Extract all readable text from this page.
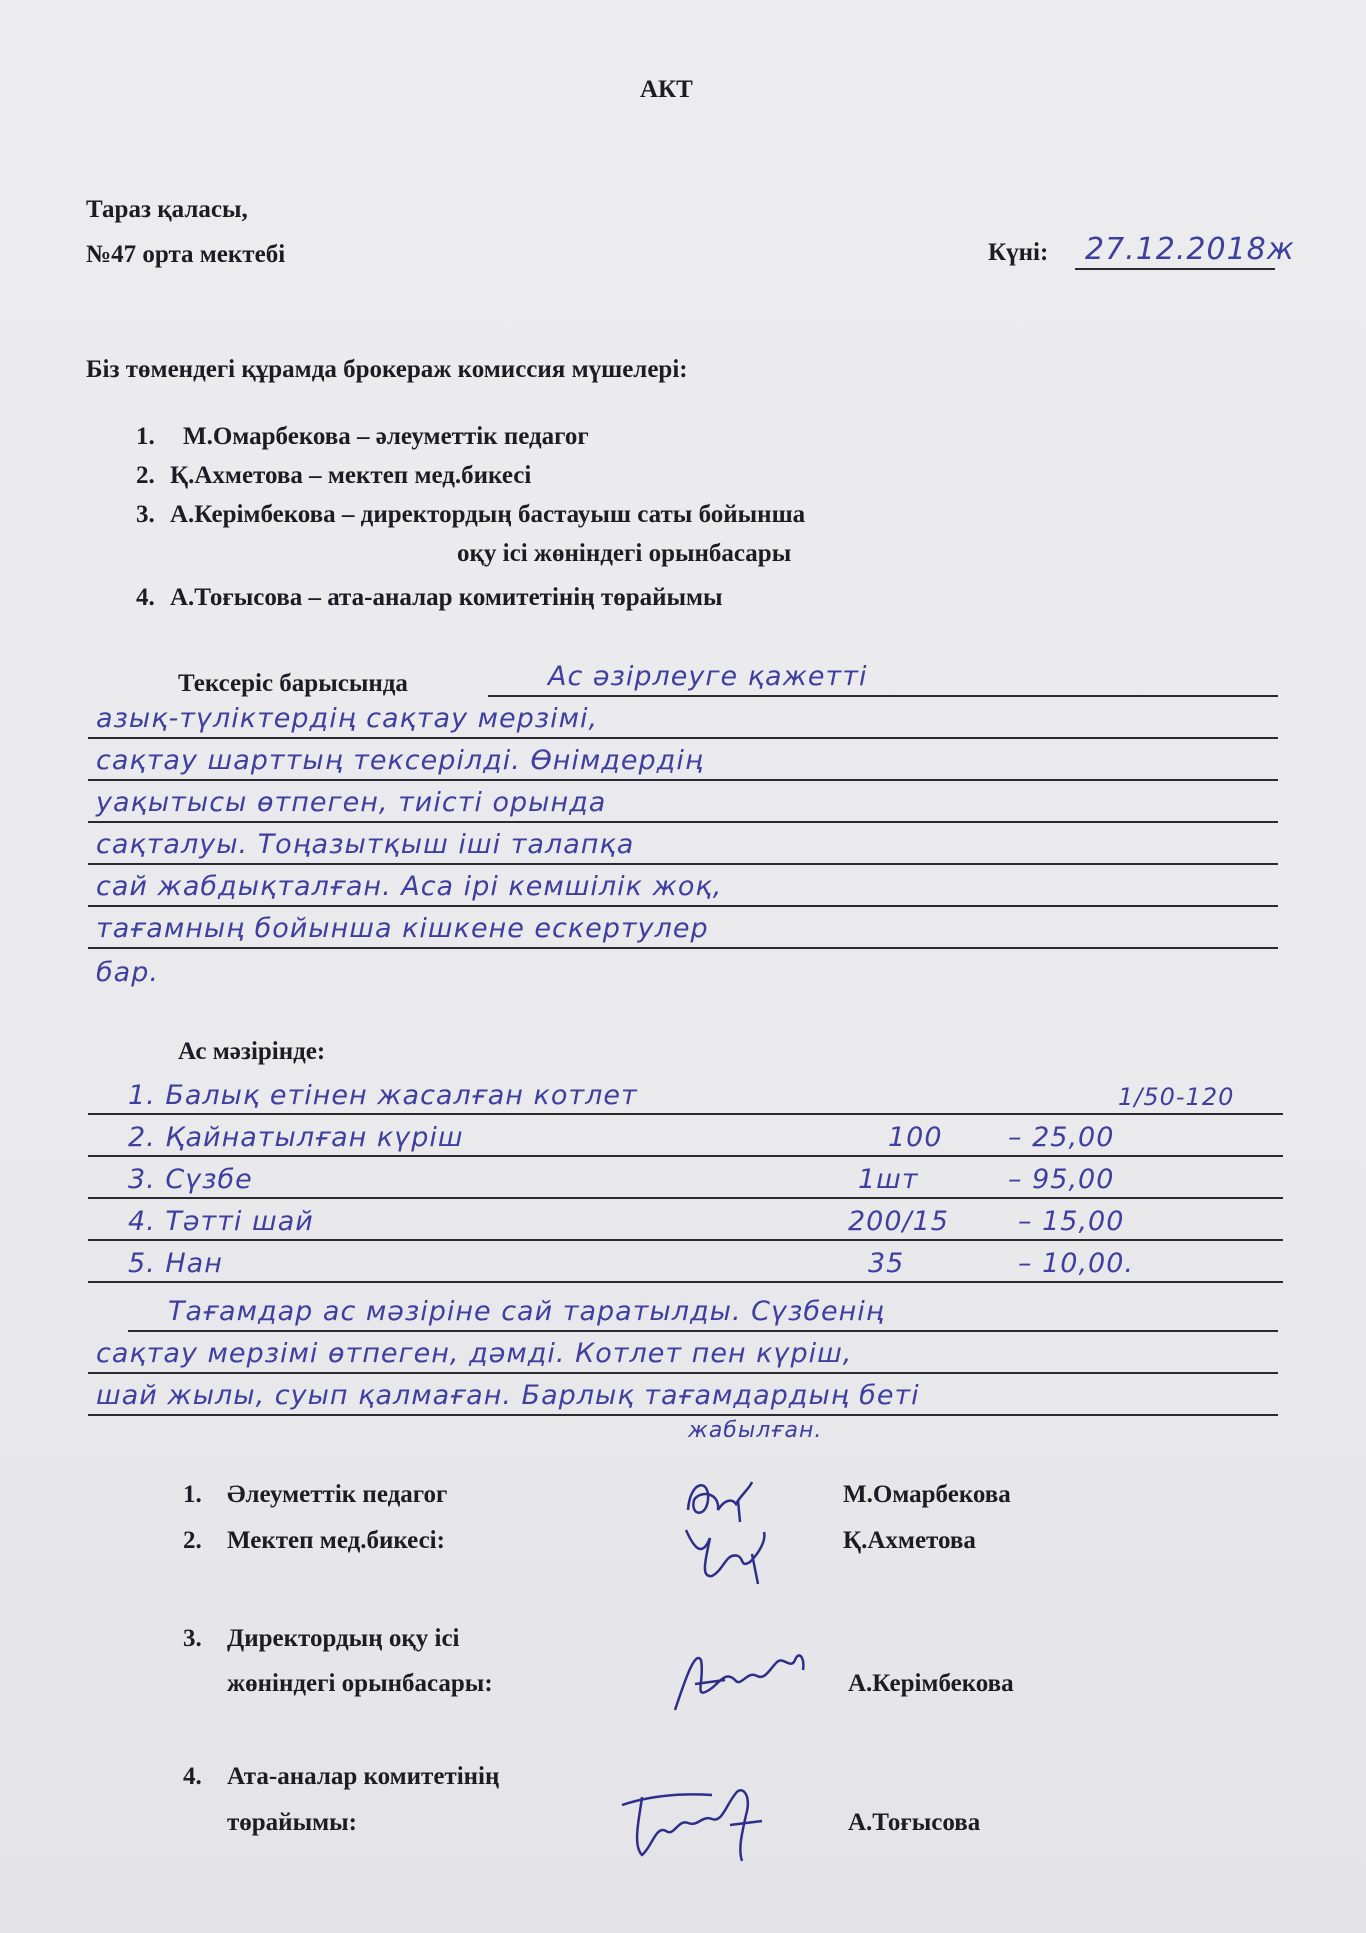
АКТ
Тараз қаласы,
№47 орта мектебі	Күні: 27.12.2018ж
Біз төмендегі құрамда брокераж комиссия мүшелері:
1. М.Омарбекова – әлеуметтік педагог
2. Қ.Ахметова – мектеп мед.бикесі
3. А.Керімбекова – директордың бастауыш саты бойынша
оқу ісі жөніндегі орынбасары
4. А.Тоғысова – ата-аналар комитетінің төрайымы
Тексеріс барысында	Ас әзірлеуге қажетті
азық-түліктердің сақтау мерзімі,
сақтау шарттың тексерілді. Өнімдердің
уақытысы өтпеген, тиісті орында
сақталуы. Тоңазытқыш іші талапқа
сай жабдықталған. Аса ірі кемшілік жоқ,
тағамның бойынша кішкене ескертулер
бар.
Ас мәзірінде:
1. Балық етінен жасалған котлет	1/50-120
2. Қайнатылған күріш	100 – 25,00
3. Сүзбе	1шт	– 95,00
4. Тәтті шай	200/15	– 15,00
5. Нан	35	– 10,00.
Тағамдар ас мәзіріне сай таратылды. Сүзбенің
сақтау мерзімі өтпеген, дәмді. Котлет пен күріш,
шай жылы, суып қалмаған. Барлық тағамдардың беті
жабылған.
1. Әлеуметтік педагог	М.Омарбекова
2. Мектеп мед.бикесі:	Қ.Ахметова
3. Директордың оқу ісі
жөніндегі орынбасары:	А.Керімбекова
4. Ата-аналар комитетінің
төрайымы:	А.Тоғысова
